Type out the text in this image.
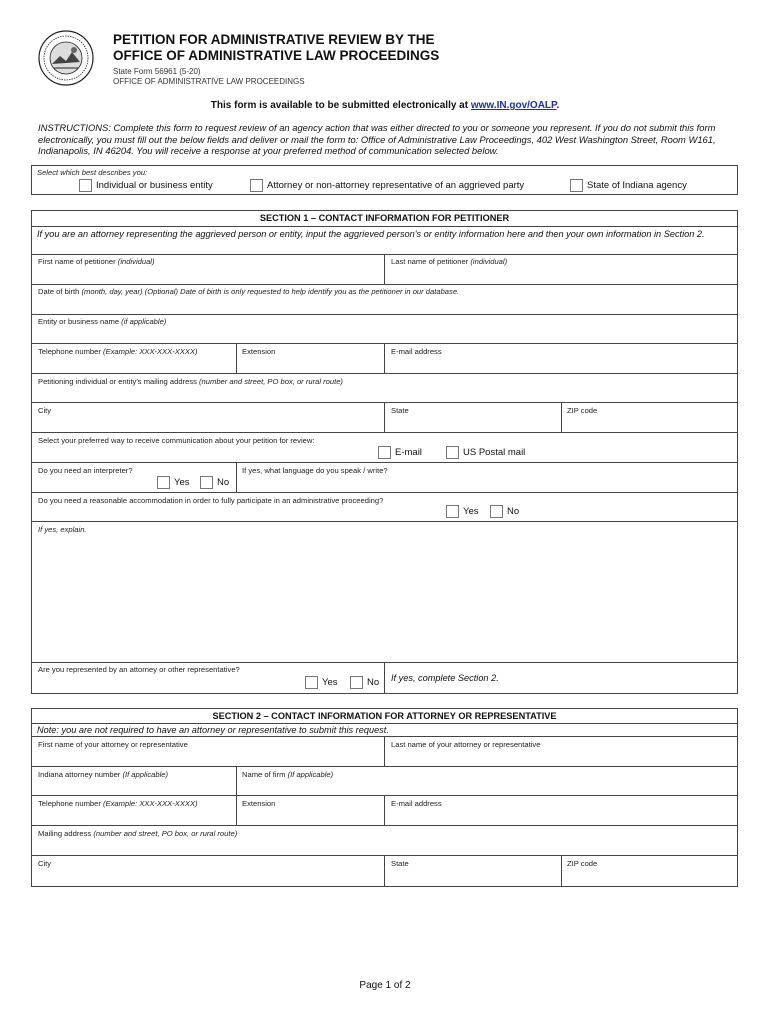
PETITION FOR ADMINISTRATIVE REVIEW BY THE
OFFICE OF ADMINISTRATIVE LAW PROCEEDINGS
State Form 56961 (5-20)
OFFICE OF ADMINISTRATIVE LAW PROCEEDINGS
This form is available to be submitted electronically at www.IN.gov/OALP.
INSTRUCTIONS: Complete this form to request review of an agency action that was either directed to you or someone you represent. If you do not submit this form electronically, you must fill out the below fields and deliver or mail the form to: Office of Administrative Law Proceedings, 402 West Washington Street, Room W161, Indianapolis, IN 46204. You will receive a response at your preferred method of communication selected below.
Select which best describes you:
Individual or business entity	Attorney or non-attorney representative of an aggrieved party	State of Indiana agency
SECTION 1 – CONTACT INFORMATION FOR PETITIONER
If you are an attorney representing the aggrieved person or entity, input the aggrieved person's or entity information here and then your own information in Section 2.
First name of petitioner (individual)	Last name of petitioner (individual)
Date of birth (month, day, year) (Optional) Date of birth is only requested to help identify you as the petitioner in our database.
Entity or business name (if applicable)
Telephone number (Example: XXX-XXX-XXXX)	Extension	E-mail address
Petitioning individual or entity's mailing address (number and street, PO box, or rural route)
City	State	ZIP code
Select your preferred way to receive communication about your petition for review:
E-mail	US Postal mail
Do you need an interpreter?	If yes, what language do you speak / write?
Yes	No
Do you need a reasonable accommodation in order to fully participate in an administrative proceeding?
Yes	No
If yes, explain.
Are you represented by an attorney or other representative?
Yes	No If yes, complete Section 2.
SECTION 2 – CONTACT INFORMATION FOR ATTORNEY OR REPRESENTATIVE
Note: you are not required to have an attorney or representative to submit this request.
First name of your attorney or representative	Last name of your attorney or representative
Indiana attorney number (If applicable)	Name of firm (If applicable)
Telephone number (Example: XXX-XXX-XXXX)	Extension	E-mail address
Mailing address (number and street, PO box, or rural route)
City	State	ZIP code
Page 1 of 2
